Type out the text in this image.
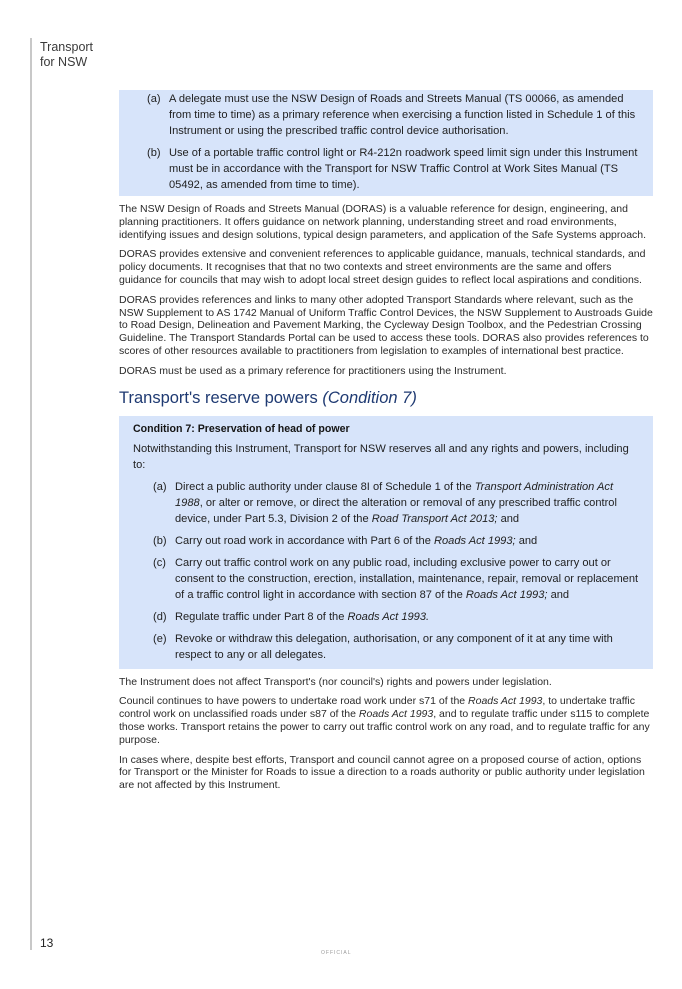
Transport
for NSW
(a) A delegate must use the NSW Design of Roads and Streets Manual (TS 00066, as amended from time to time) as a primary reference when exercising a function listed in Schedule 1 of this Instrument or using the prescribed traffic control device authorisation.
(b) Use of a portable traffic control light or R4-212n roadwork speed limit sign under this Instrument must be in accordance with the Transport for NSW Traffic Control at Work Sites Manual (TS 05492, as amended from time to time).

The NSW Design of Roads and Streets Manual (DORAS) is a valuable reference for design, engineering, and planning practitioners. It offers guidance on network planning, understanding street and road environments, identifying issues and design solutions, typical design parameters, and application of the Safe Systems approach.

DORAS provides extensive and convenient references to applicable guidance, manuals, technical standards, and policy documents. It recognises that that no two contexts and street environments are the same and offers guidance for councils that may wish to adopt local street design guides to reflect local aspirations and conditions.

DORAS provides references and links to many other adopted Transport Standards where relevant, such as the NSW Supplement to AS 1742 Manual of Uniform Traffic Control Devices, the NSW Supplement to Austroads Guide to Road Design, Delineation and Pavement Marking, the Cycleway Design Toolbox, and the Pedestrian Crossing Guideline. The Transport Standards Portal can be used to access these tools. DORAS also provides references to scores of other resources available to practitioners from legislation to examples of international best practice.

DORAS must be used as a primary reference for practitioners using the Instrument.

Transport's reserve powers (Condition 7)
Condition 7: Preservation of head of power
Notwithstanding this Instrument, Transport for NSW reserves all and any rights and powers, including to:
(a) Direct a public authority under clause 8I of Schedule 1 of the Transport Administration Act 1988, or alter or remove, or direct the alteration or removal of any prescribed traffic control device, under Part 5.3, Division 2 of the Road Transport Act 2013; and
(b) Carry out road work in accordance with Part 6 of the Roads Act 1993; and
(c) Carry out traffic control work on any public road, including exclusive power to carry out or consent to the construction, erection, installation, maintenance, repair, removal or replacement of a traffic control light in accordance with section 87 of the Roads Act 1993; and
(d) Regulate traffic under Part 8 of the Roads Act 1993.
(e) Revoke or withdraw this delegation, authorisation, or any component of it at any time with respect to any or all delegates.

The Instrument does not affect Transport's (nor council's) rights and powers under legislation.

Council continues to have powers to undertake road work under s71 of the Roads Act 1993, to undertake traffic control work on unclassified roads under s87 of the Roads Act 1993, and to regulate traffic under s115 to complete those works. Transport retains the power to carry out traffic control work on any road, and to regulate traffic for any purpose.

In cases where, despite best efforts, Transport and council cannot agree on a proposed course of action, options for Transport or the Minister for Roads to issue a direction to a roads authority or public authority under legislation are not affected by this Instrument.

13
OFFICIAL
